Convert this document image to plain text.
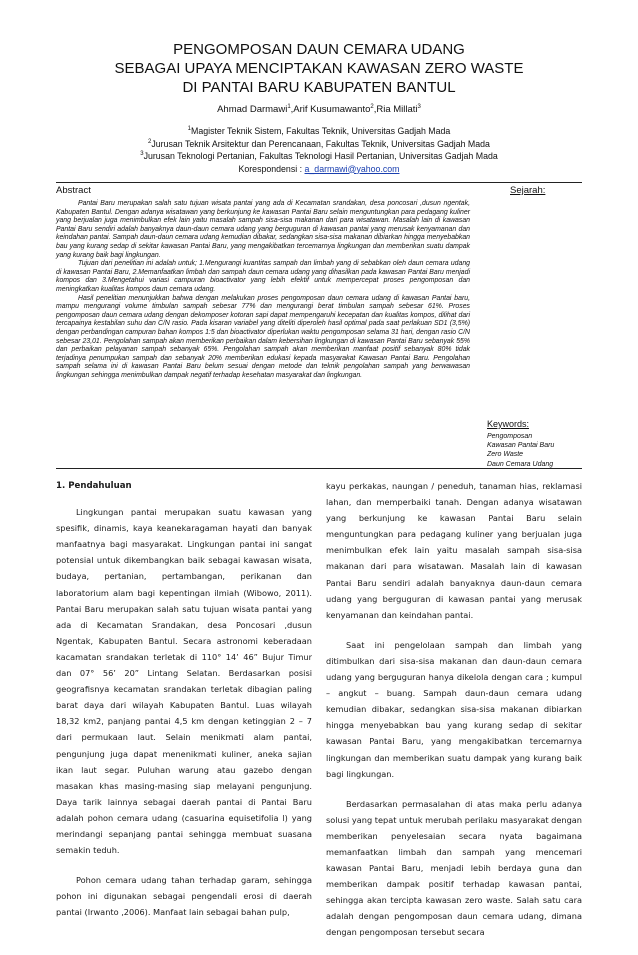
PENGOMPOSAN DAUN CEMARA UDANG
SEBAGAI UPAYA MENCIPTAKAN KAWASAN ZERO WASTE
DI PANTAI BARU KABUPATEN BANTUL
Ahmad Darmawi$^1$,Arif Kusumawanto$^2$,Ria Millati$^3$
$^1$Magister Teknik Sistem, Fakultas Teknik, Universitas Gadjah Mada
$^2$Jurusan Teknik Arsitektur dan Perencanaan, Fakultas Teknik, Universitas Gadjah Mada
$^3$Jurusan Teknologi Pertanian, Fakultas Teknologi Hasil Pertanian, Universitas Gadjah Mada
Korespondensi : a_darmawi@yahoo.com
Abstract	Sejarah:

Pantai Baru merupakan salah satu tujuan wisata pantai yang ada di Kecamatan srandakan, desa poncosari ,dusun ngentak, Kabupaten Bantul. Dengan adanya wisatawan yang berkunjung ke kawasan Pantai Baru selain menguntungkan para pedagang kuliner yang berjualan juga menimbulkan efek lain yaitu masalah sampah sisa-sisa makanan dari para wisatawan. Masalah lain di kawasan Pantai Baru sendiri adalah banyaknya daun-daun cemara udang yang berguguran di kawasan pantai yang merusak kenyamanan dan keindahan pantai. Sampah daun-daun cemara udang kemudian dibakar, sedangkan sisa-sisa makanan dibiarkan hingga menyebabkan bau yang kurang sedap di sekitar kawasan Pantai Baru, yang mengakibatkan tercemarnya lingkungan dan memberikan suatu dampak yang kurang baik bagi lingkungan.

Tujuan dari penelitian ini adalah untuk; 1.Mengurangi kuantitas sampah dan limbah yang di sebabkan oleh daun cemara udang di kawasan Pantai Baru, 2.Memanfaatkan limbah dan sampah daun cemara udang yang dihasilkan pada kawasan Pantai Baru menjadi kompos dan 3.Mengetahui variasi campuran bioactivator yang lebih efektif untuk mempercepat proses pengomposan dan meningkatkan kualitas kompos daun cemara udang.

Hasil penelitian menunjukkan bahwa dengan melakukan proses pengomposan daun cemara udang di kawasan Pantai baru, mampu mengurangi volume timbulan sampah sebesar 77% dan mengurangi berat timbulan sampah sebesar 61%. Proses pengomposan daun cemara udang dengan dekomposer kotoran sapi dapat mempengaruhi kecepatan dan kualitas kompos, dilihat dari tercapainya kestabilan suhu dan C/N rasio. Pada kisaran variabel yang diteliti diperoleh hasil optimal pada saat perlakuan SD1 (3,5%) dengan perbandingan campuran bahan kompos 1:5 dan bioactivator diperlukan waktu pengomposan selama 31 hari, dengan rasio C/N sebesar 23,01. Pengolahan sampah akan memberikan perbaikan dalam kebersihan lingkungan di kawasan Pantai Baru sebanyak 55% dan perbaikan pelayanan sampah sebanyak 65%. Pengolahan sampah akan memberikan manfaat positif sebanyak 80% tidak terjadinya penumpukan sampah dan sebanyak 20% memberikan edukasi kepada masyarakat Kawasan Pantai Baru. Pengolahan sampah selama ini di kawasan Pantai Baru belum sesuai dengan metode dan teknik pengolahan sampah yang berwawasan lingkungan sehingga menimbulkan dampak negatif terhadap kesehatan masyarakat dan lingkungan.

Keywords:
Pengomposan
Kawasan Pantai Baru
Zero Waste
Daun Cemara Udang
1. Pendahuluan

Lingkungan pantai merupakan suatu kawasan yang spesifik, dinamis, kaya keanekaragaman hayati dan banyak manfaatnya bagi masyarakat. Lingkungan pantai ini sangat potensial untuk dikembangkan baik sebagai kawasan wisata, budaya, pertanian, pertambangan, perikanan dan laboratorium alam bagi kepentingan ilmiah (Wibowo, 2011). Pantai Baru merupakan salah satu tujuan wisata pantai yang ada di Kecamatan Srandakan, desa Poncosari ,dusun Ngentak, Kabupaten Bantul. Secara astronomi keberadaan kacamatan srandakan terletak di 110° 14’ 46” Bujur Timur dan 07° 56’ 20” Lintang Selatan. Berdasarkan posisi geografisnya kecamatan srandakan terletak dibagian paling barat daya dari wilayah Kabupaten Bantul. Luas wilayah 18,32 km2, panjang pantai 4,5 km dengan ketinggian 2 – 7 dari permukaan laut. Selain menikmati alam pantai, pengunjung juga dapat menenikmati kuliner, aneka sajian ikan laut segar. Puluhan warung atau gazebo dengan masakan khas masing-masing siap melayani pengunjung. Daya tarik lainnya sebagai daerah pantai di Pantai Baru adalah pohon cemara udang (casuarina equisetifolia l) yang merindangi sepanjang pantai sehingga membuat suasana semakin teduh.

Pohon cemara udang tahan terhadap garam, sehingga pohon ini digunakan sebagai pengendali erosi di daerah pantai (Irwanto ,2006). Manfaat lain sebagai bahan pulp,

kayu perkakas, naungan / peneduh, tanaman hias, reklamasi lahan, dan memperbaiki tanah. Dengan adanya wisatawan yang berkunjung ke kawasan Pantai Baru selain menguntungkan para pedagang kuliner yang berjualan juga menimbulkan efek lain yaitu masalah sampah sisa-sisa makanan dari para wisatawan. Masalah lain di kawasan Pantai Baru sendiri adalah banyaknya daun-daun cemara udang yang berguguran di kawasan pantai yang merusak kenyamanan dan keindahan pantai.

Saat ini pengelolaan sampah dan limbah yang ditimbulkan dari sisa-sisa makanan dan daun-daun cemara udang yang berguguran hanya dikelola dengan cara ; kumpul – angkut – buang. Sampah daun-daun cemara udang kemudian dibakar, sedangkan sisa-sisa makanan dibiarkan hingga menyebabkan bau yang kurang sedap di sekitar kawasan Pantai Baru, yang mengakibatkan tercemarnya lingkungan dan memberikan suatu dampak yang kurang baik bagi lingkungan.

Berdasarkan permasalahan di atas maka perlu adanya solusi yang tepat untuk merubah perilaku masyarakat dengan memberikan penyelesaian secara nyata bagaimana memanfaatkan limbah dan sampah yang mencemari kawasan Pantai Baru, menjadi lebih berdaya guna dan memberikan dampak positif terhadap kawasan pantai, sehingga akan tercipta kawasan zero waste. Salah satu cara adalah dengan pengomposan daun cemara udang, dimana dengan pengomposan tersebut secara
